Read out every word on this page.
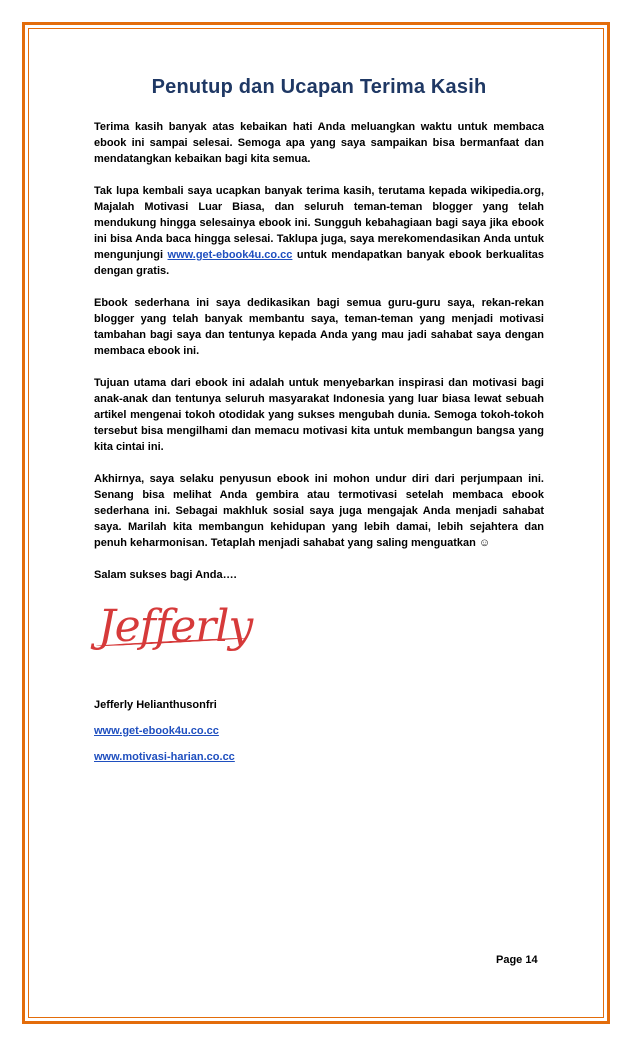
Penutup dan Ucapan Terima Kasih

Terima kasih banyak atas kebaikan hati Anda meluangkan waktu untuk membaca ebook ini sampai selesai. Semoga apa yang saya sampaikan bisa bermanfaat dan mendatangkan kebaikan bagi kita semua.

Tak lupa kembali saya ucapkan banyak terima kasih, terutama kepada wikipedia.org, Majalah Motivasi Luar Biasa, dan seluruh teman-teman blogger yang telah mendukung hingga selesainya ebook ini. Sungguh kebahagiaan bagi saya jika ebook ini bisa Anda baca hingga selesai. Taklupa juga, saya merekomendasikan Anda untuk mengunjungi www.get-ebook4u.co.cc untuk mendapatkan banyak ebook berkualitas dengan gratis.

Ebook sederhana ini saya dedikasikan bagi semua guru-guru saya, rekan-rekan blogger yang telah banyak membantu saya, teman-teman yang menjadi motivasi tambahan bagi saya dan tentunya kepada Anda yang mau jadi sahabat saya dengan membaca ebook ini.

Tujuan utama dari ebook ini adalah untuk menyebarkan inspirasi dan motivasi bagi anak-anak dan tentunya seluruh masyarakat Indonesia yang luar biasa lewat sebuah artikel mengenai tokoh otodidak yang sukses mengubah dunia. Semoga tokoh-tokoh tersebut bisa mengilhami dan memacu motivasi kita untuk membangun bangsa yang kita cintai ini.

Akhirnya, saya selaku penyusun ebook ini mohon undur diri dari perjumpaan ini. Senang bisa melihat Anda gembira atau termotivasi setelah membaca ebook sederhana ini. Sebagai makhluk sosial saya juga mengajak Anda menjadi sahabat saya. Marilah kita membangun kehidupan yang lebih damai, lebih sejahtera dan penuh keharmonisan. Tetaplah menjadi sahabat yang saling menguatkan ☺

Salam sukses bagi Anda….

Jefferly

Jefferly Helianthusonfri

www.get-ebook4u.co.cc

www.motivasi-harian.co.cc

Page 14
